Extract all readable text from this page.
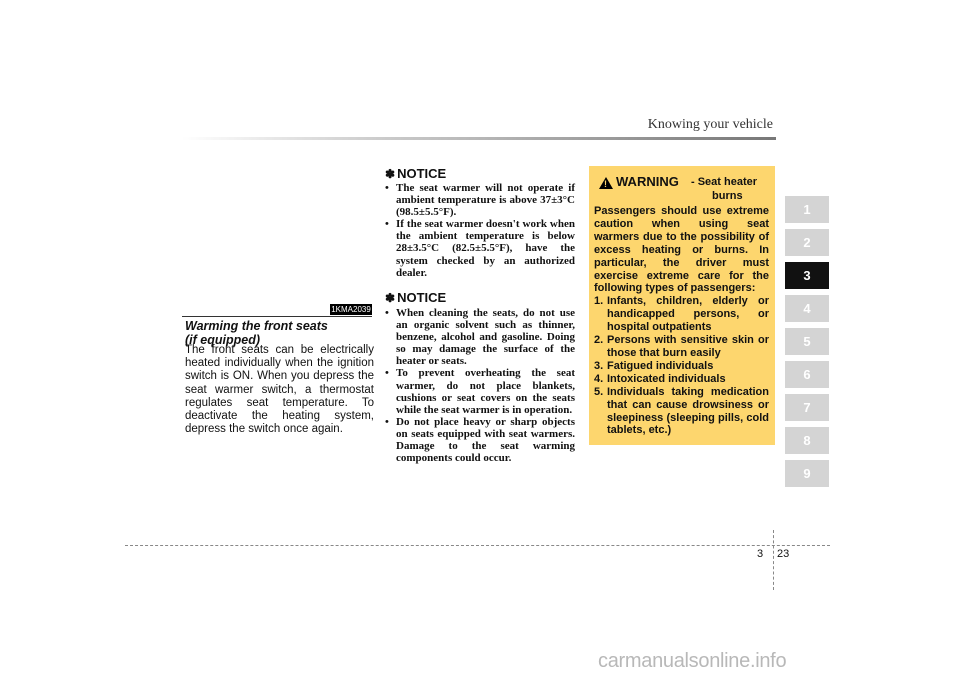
Knowing your vehicle
1KMA2039
Warming the front seats
(if equipped)

The front seats can be electrically heated individually when the ignition switch is ON. When you depress the seat warmer switch, a thermostat regulates seat temperature. To deactivate the heating system, depress the switch once again.

✽ NOTICE
• The seat warmer will not operate if ambient temperature is above 37±3°C (98.5±5.5°F).
• If the seat warmer doesn't work when the ambient temperature is below 28±3.5°C (82.5±5.5°F), have the system checked by an authorized dealer.
✽ NOTICE
• When cleaning the seats, do not use an organic solvent such as thinner, benzene, alcohol and gasoline. Doing so may damage the surface of the heater or seats.
• To prevent overheating the seat warmer, do not place blankets, cushions or seat covers on the seats while the seat warmer is in operation.
• Do not place heavy or sharp objects on seats equipped with seat warmers. Damage to the seat warming components could occur.
! WARNING - Seat heater
burns

Passengers should use extreme caution when using seat warmers due to the possibility of excess heating or burns. In particular, the driver must exercise extreme care for the following types of passengers:

1. Infants, children, elderly or handicapped persons, or hospital outpatients
2. Persons with sensitive skin or those that burn easily
3. Fatigued individuals
4. Intoxicated individuals
5. Individuals taking medication that can cause drowsiness or sleepiness (sleeping pills, cold tablets, etc.)
1
2
3
4
5
6
7
8
9
3 23
carmanualsonline.info
